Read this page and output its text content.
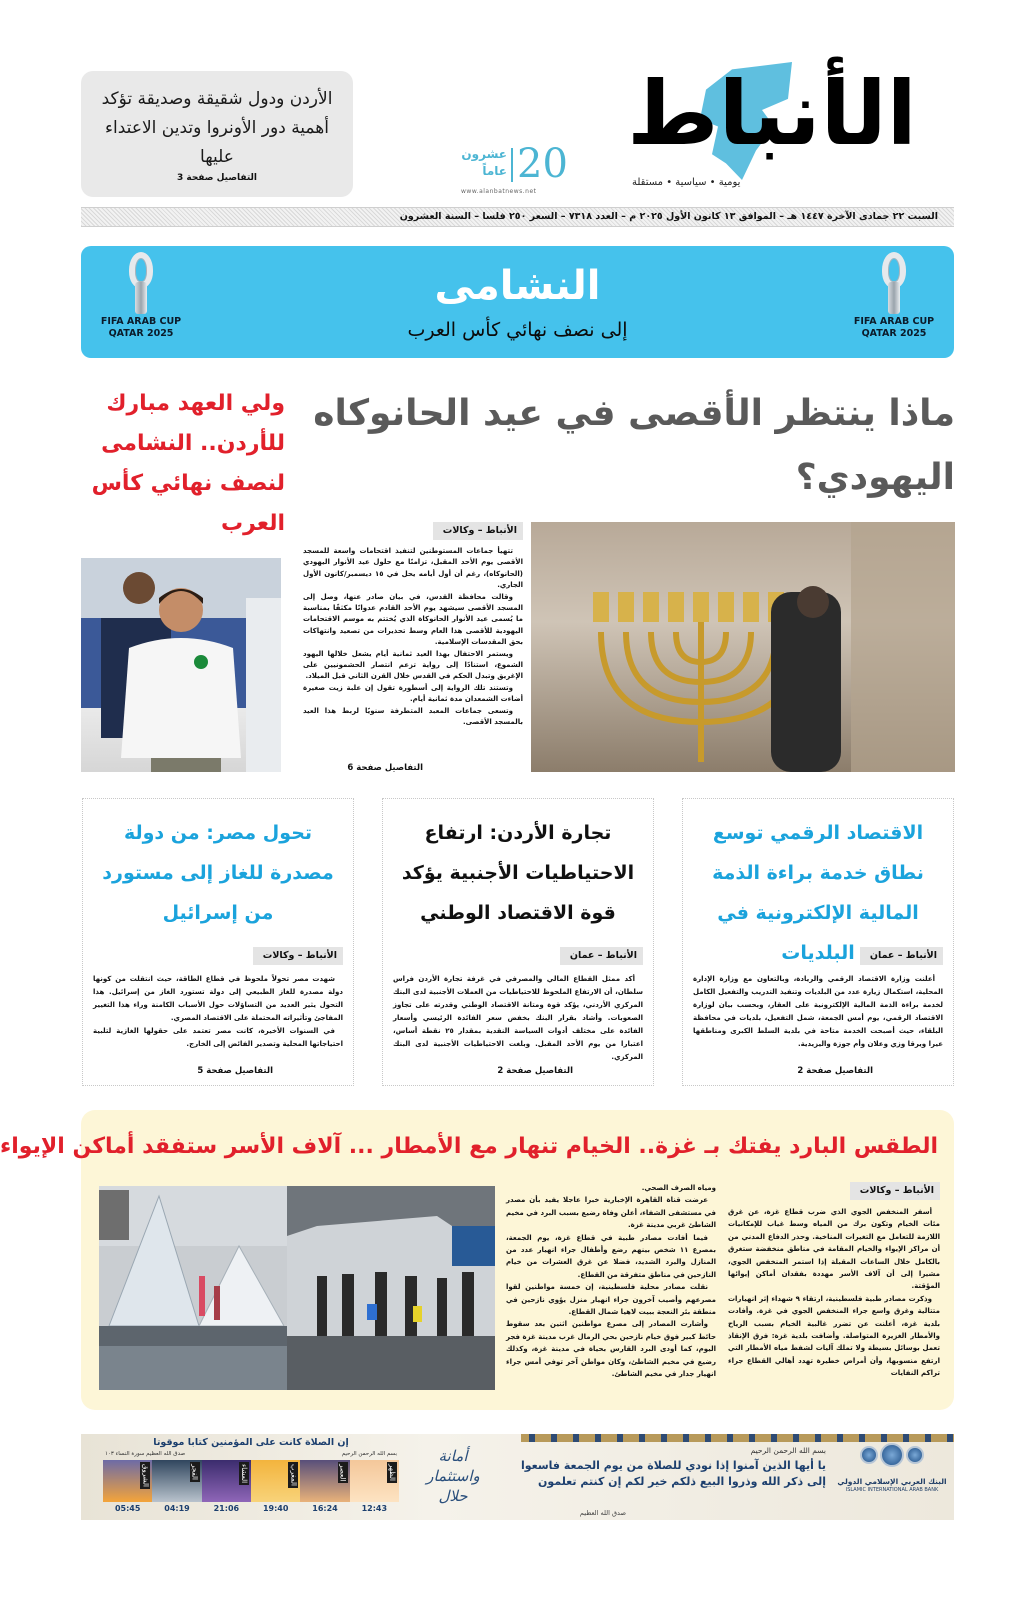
الأنباط
يومية • سياسية • مستقلة
عشرون
عاماً 20
www.alanbatnews.net
الأردن ودول شقيقة وصديقة تؤكد أهمية دور الأونروا وتدين الاعتداء عليها
التفاصيل صفحة 3
السبت ٢٢ جمادى الآخرة ١٤٤٧ هـ – الموافق ١٣ كانون الأول ٢٠٢٥ م – العدد ٧٣١٨ – السعر ٢٥٠ فلسا – السنة العشرون
FIFA ARAB CUP
QATAR 2025
النشامى
إلى نصف نهائي كأس العرب
FIFA ARAB CUP
QATAR 2025
ماذا ينتظر الأقصى في عيد الحانوكاه اليهودي؟
ولي العهد مبارك للأردن.. النشامى لنصف نهائي كأس العرب	الأنباط – وكالات

تتهيأ جماعات المستوطنين لتنفيذ اقتحامات واسعة للمسجد الأقصى يوم الأحد المقبل، تزامنًا مع حلول عيد الأنوار اليهودي (الحانوكاه)، رغم أن أول أيامه يحل في ١٥ ديسمبر/كانون الأول الجاري.

وقالت محافظة القدس، في بيان صادر عنها، وصل إلى المسجد الأقصى سيشهد يوم الأحد القادم عدوانًا مكثفًا بمناسبة ما يُسمى عيد الأنوار الحانوكاة الذي يُختتم به موسم الاقتحامات اليهودية للأقصى هذا العام وسط تحذيرات من تصعيد وانتهاكات بحق المقدسات الإسلامية.

ويستمر الاحتفال بهذا العيد ثمانية أيام يشعل خلالها اليهود الشموع، استنادًا إلى رواية تزعم انتصار الحشمونيين على الإغريق وتبدل الحكم في القدس خلال القرن الثاني قبل الميلاد.

وتستند تلك الرواية إلى أسطورة تقول إن علبة زيت صغيرة أضاءت الشمعدان مدة ثمانية أيام.

وتسعى جماعات المعبد المتطرفة سنويًا لربط هذا العيد بالمسجد الأقصى.

التفاصيل صفحة 6
الاقتصاد الرقمي توسع نطاق خدمة براءة الذمة المالية الإلكترونية في البلديات	الأنباط – عمان

أعلنت وزارة الاقتصاد الرقمي والريادة، وبالتعاون مع وزارة الإدارة المحلية، استكمال زيارة عدد من البلديات وتنفيذ التدريب والتفعيل الكامل لخدمة براءة الذمة المالية الإلكترونية على العقار، وبحسب بيان لوزارة الاقتصاد الرقمي، يوم أمس الجمعة، شمل التفعيل، بلديات في محافظة البلقاء، حيث أصبحت الخدمة متاحة في بلدية السلط الكبرى ومناطقها عيرا ويرقا وزي وعلان وأم جوزة واليزيدية.

التفاصيل صفحة 2
تجارة الأردن: ارتفاع الاحتياطيات الأجنبية يؤكد قوة الاقتصاد الوطني
الأنباط – عمان

أكد ممثل القطاع المالي والمصرفي في غرفة تجارة الأردن فراس سلطان، أن الارتفاع الملحوظ للاحتياطيات من العملات الأجنبية لدى البنك المركزي الأردني، يؤكد قوة ومتانة الاقتصاد الوطني وقدرته على تجاوز الصعوبات. وأشاد بقرار البنك بخفض سعر الفائدة الرئيسي وأسعار الفائدة على مختلف أدوات السياسة النقدية بمقدار ٢٥ نقطة أساس، اعتبارا من يوم الأحد المقبل. وبلغت الاحتياطيات الأجنبية لدى البنك المركزي.

التفاصيل صفحة 2
تحول مصر: من دولة مصدرة للغاز إلى مستورد من إسرائيل
الأنباط – وكالات

شهدت مصر تحولاً ملحوظ في قطاع الطاقة، حيث انتقلت من كونها دولة مصدرة للغاز الطبيعي إلى دولة تستورد الغاز من إسرائيل. هذا التحول يثير العديد من التساؤلات حول الأسباب الكامنة وراء هذا التغيير المفاجئ وتأثيراته المحتملة على الاقتصاد المصري.

في السنوات الأخيرة، كانت مصر تعتمد على حقولها الغازية لتلبية احتياجاتها المحلية وتصدير الفائض إلى الخارج.

التفاصيل صفحة 5
الطقس البارد يفتك بـ غزة.. الخيام تنهار مع الأمطار ... آلاف الأسر ستفقد أماكن الإيواء
الأنباط – وكالات

أسفر المنخفض الجوي الذي ضرب قطاع غزة، عن غرق مئات الخيام وتكون برك من المياه وسط غياب للإمكانيات اللازمة للتعامل مع التغيرات المناخية. وحذر الدفاع المدني من أن مراكز الإيواء والخيام المقامة في مناطق منخفضة ستغرق بالكامل خلال الساعات المقبلة إذا استمر المنخفض الجوي، مشيرا إلى أن آلاف الأسر مهددة بفقدان أماكن إيوائها المؤقتة.

وذكرت مصادر طبية فلسطينية، ارتقاء ٩ شهداء إثر انهيارات متتالية وغرق واسع جراء المنخفض الجوي في غزة. وأفادت بلدية غزة، أعلنت عن تضرر غالبية الخيام بسبب الرياح والأمطار الغزيرة المتواصلة. وأضافت بلدية غزة: فرق الإنقاذ تعمل بوسائل بسيطة ولا تملك آليات لشفط مياه الأمطار التي ارتفع منسوبها، وأن أمراض خطيرة تهدد أهالي القطاع جراء تراكم النفايات

ومياه الصرف الصحي.

عرضت قناة القاهرة الإخبارية خبرا عاجلا يفيد بأن مصدر في مستشفى الشفاء، أعلن وفاة رضيع بسبب البرد في مخيم الشاطئ غربي مدينة غزة.

فيما أفادت مصادر طبية في قطاع غزة، يوم الجمعة، بمصرع ١١ شخص بينهم رضع وأطفال جراء انهيار عدد من المنازل والبرد الشديد، فضلا عن غرق العشرات من خيام النازحين في مناطق متفرقة من القطاع.

نقلت مصادر محلية فلسطينية، إن خمسة مواطنين لقوا مصرعهم وأصيب آخرون جراء انهيار منزل يؤوي نازحين في منطقة بئر النعجة ببيت لاهيا شمال القطاع.

وأشارت المصادر إلى مصرع مواطنين اثنين بعد سقوط حائط كبير فوق خيام نازحين بحي الرمال غرب مدينة غزة فجر اليوم، كما أودى البرد القارس بحياة في مدينة غزة، وكذلك رضيع في مخيم الشاطئ، وكان مواطن آخر توفي أمس جراء انهيار جدار في مخيم الشاطئ.

البنك العربي الإسلامي الدولي
ISLAMIC INTERNATIONAL ARAB BANK
بسم الله الرحمن الرحيم
يا أيها الذين آمنوا إذا نودي للصلاة من يوم الجمعة فاسعوا إلى ذكر الله وذروا البيع ذلكم خير لكم إن كنتم تعلمون
صدق الله العظيم
أمانة واستثمار حلال
إن الصلاة كانت على المؤمنين كتابا موقوتا
بسم الله الرحمن الرحيم
صدق الله العظيم سورة النساء ١٠٣
الظهر
12:43
العصر
16:24
المغرب
19:40
العشاء
21:06
الفجر
04:19
الشروق
05:45
